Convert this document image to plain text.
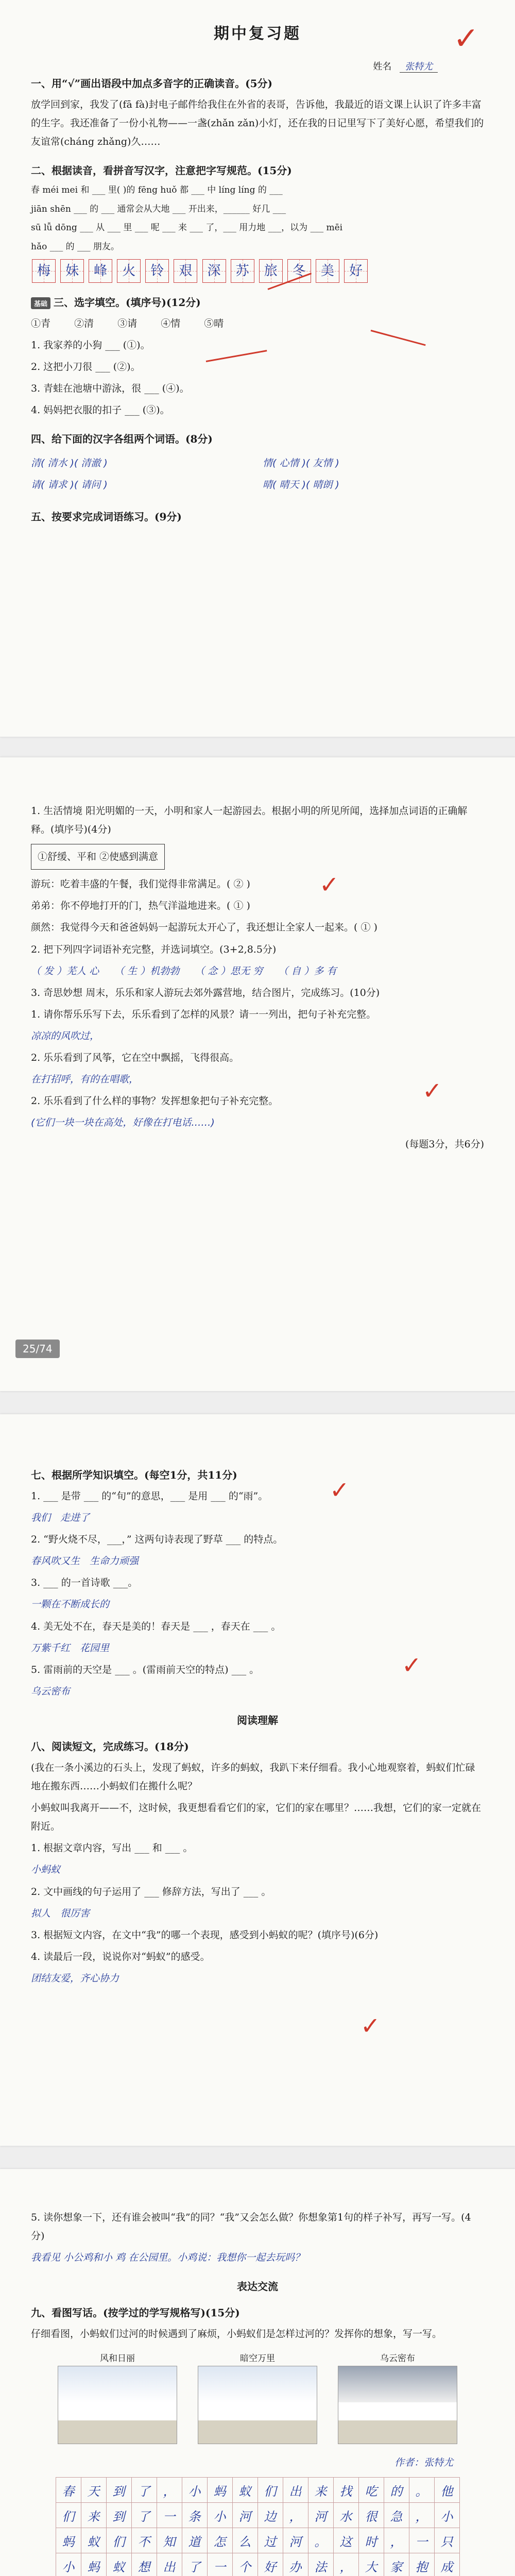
期中复习题
姓名 张特尤
✓
一、用“√”画出语段中加点多音字的正确读音。(5分)
放学回到家，我发了(fā fà)封电子邮件给我住在外省的表哥，告诉他，我最近的语文课上认识了许多丰富的生字。我还准备了一份小礼物——一盏(zhǎn zǎn)小灯，还在我的日记里写下了美好心愿，希望我们的友谊常(cháng zhǎng)久……
二、根据读音，看拼音写汉字，注意把字写规范。(15分)
春 méi mei 和 ___ 里( )的 fēng huǒ 都 ___ 中 líng líng 的 ___
jiān shēn ___ 的 ___ 通常会从大地 ___ 开出来，______ 好几 ___
sū lǚ dōng ___ 从 ___ 里 ___ 呢 ___ 来 ___ 了，___ 用力地 ___，以为 ___ mēi
hǎo ___ 的 ___ 朋友。
梅 妹 峰 火 铃 艰 深 苏 旅 冬 美 好
基础 三、选字填空。(填序号)(12分)
①青 ②清 ③请 ④情 ⑤晴
1. 我家养的小狗 ___ (①)。
2. 这把小刀很 ___ (②)。
3. 青蛙在池塘中游泳，很 ___ (④)。
4. 妈妈把衣服的扣子 ___ (③)。
四、给下面的汉字各组两个词语。(8分)
清( 清水 )( 清澈 )
请( 请求 )( 请问 )
情( 心情 )( 友情 )
晴( 晴天 )( 晴朗 )
五、按要求完成词语练习。(9分)
1. 生活情境 阳光明媚的一天，小明和家人一起游园去。根据小明的所见所闻，选择加点词语的正确解释。(填序号)(4分)
①舒缓、平和 ②使感到满意
游玩：吃着丰盛的午餐，我们觉得非常满足。( ② )
弟弟：你不停地打开的门，热气洋溢地进来。( ① )
颜然：我觉得今天和爸爸妈妈一起游玩太开心了，我还想让全家人一起来。( ① )
2. 把下列四字词语补充完整，并选词填空。(3+2,8.5分)
（ 发 ）芜人 心 （ 生 ）机勃勃 （ 念 ）思无 穷 （ 自 ）多 有
3. 奇思妙想 周末，乐乐和家人游玩去郊外露营地，结合图片，完成练习。(10分)
1. 请你帮乐乐写下去，乐乐看到了怎样的风景？请一一列出，把句子补充完整。
凉凉的风吹过，
2. 乐乐看到了风筝，它在空中飘摇，飞得很高。
在打招呼，有的在唱歌，
2. 乐乐看到了什么样的事物？发挥想象把句子补充完整。
(它们一块一块在高处，好像在打电话……)
(每题3分，共6分)
25/74
✓
✓
七、根据所学知识填空。(每空1分，共11分)
1. ___ 是带 ___ 的“旬”的意思，___ 是用 ___ 的“雨”。
我们　 走进了
2. “野火烧不尽，___，” 这两句诗表现了野草 ___ 的特点。
春风吹又生　 生命力顽强
3. ___ 的一首诗歌 ___。
一颗在不断成长的
4. 美无处不在，春天是美的！春天是 ___ ，春天在 ___ 。
万紫千红　 花园里
5. 雷雨前的天空是 ___ 。(雷雨前天空的特点) ___ 。
乌云密布
阅读理解
八、阅读短文，完成练习。(18分)
(我在一条小溪边的石头上，发现了蚂蚁，许多的蚂蚁，我趴下来仔细看。我小心地观察着，蚂蚁们忙碌地在搬东西……小蚂蚁们在搬什么呢？
小蚂蚁叫我离开——不，这时候，我更想看看它们的家，它们的家在哪里？……我想，它们的家一定就在附近。
1. 根据文章内容，写出 ___ 和 ___ 。
小蚂蚁
2. 文中画线的句子运用了 ___ 修辞方法，写出了 ___ 。
拟人　 很厉害
3. 根据短文内容，在文中“我”的哪一个表现，感受到小蚂蚁的呢？(填序号)(6分)
4. 读最后一段，说说你对“蚂蚁”的感受。
团结友爱，齐心协力
✓
✓
✓
5. 读你想象一下，还有谁会被叫“我”的同？“我”又会怎么做？你想象第1句的样子补写，再写一写。(4分)
我看见 小公鸡和小 鸡 在公园里。小鸡说：我想你一起去玩吗？
表达交流
九、看图写话。(按学过的学写规格写)(15分)
仔细看图，小蚂蚁们过河的时候遇到了麻烦，小蚂蚁们是怎样过河的？发挥你的想象，写一写。
风和日丽	暗空万里	乌云密布
作者：张特尤
春	天	到	了	，	小	蚂	蚁	们	出	来	找	吃	的	。	他
们	来	到	了	一	条	小	河	边	，	河	水	很	急	，	小
蚂	蚁	们	不	知	道	怎	么	过	河	。	这	时	，	一	只
小	蚂	蚁	想	出	了	一	个	好	办	法	，	大	家	抱	成
